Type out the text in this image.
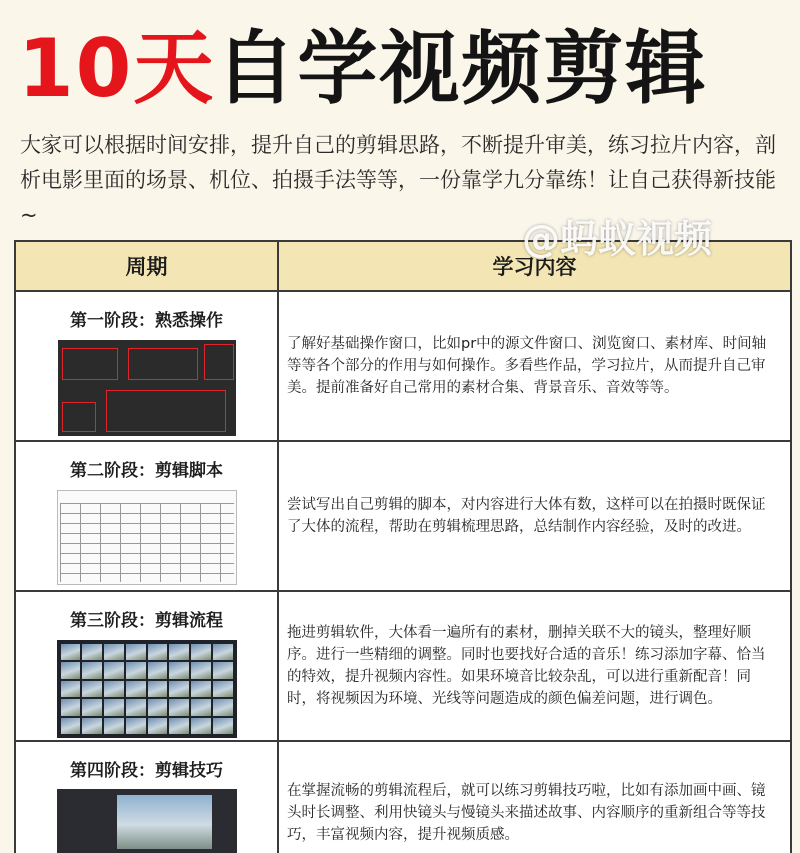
10天自学视频剪辑
大家可以根据时间安排，提升自己的剪辑思路，不断提升审美，练习拉片内容，剖析电影里面的场景、机位、拍摄手法等等，一份靠学九分靠练！让自己获得新技能~
周期	学习内容
第一阶段：熟悉操作
了解好基础操作窗口，比如pr中的源文件窗口、浏览窗口、素材库、时间轴等等各个部分的作用与如何操作。多看些作品，学习拉片，从而提升自己审美。提前准备好自己常用的素材合集、背景音乐、音效等等。
第二阶段：剪辑脚本
尝试写出自己剪辑的脚本，对内容进行大体有数，这样可以在拍摄时既保证了大体的流程，帮助在剪辑梳理思路，总结制作内容经验，及时的改进。
第三阶段：剪辑流程
拖进剪辑软件，大体看一遍所有的素材，删掉关联不大的镜头，整理好顺序。进行一些精细的调整。同时也要找好合适的音乐！练习添加字幕、恰当的特效，提升视频内容性。如果环境音比较杂乱，可以进行重新配音！同时，将视频因为环境、光线等问题造成的颜色偏差问题，进行调色。
第四阶段：剪辑技巧
在掌握流畅的剪辑流程后，就可以练习剪辑技巧啦，比如有添加画中画、镜头时长调整、利用快镜头与慢镜头来描述故事、内容顺序的重新组合等等技巧，丰富视频内容，提升视频质感。
@蚂蚁视频
